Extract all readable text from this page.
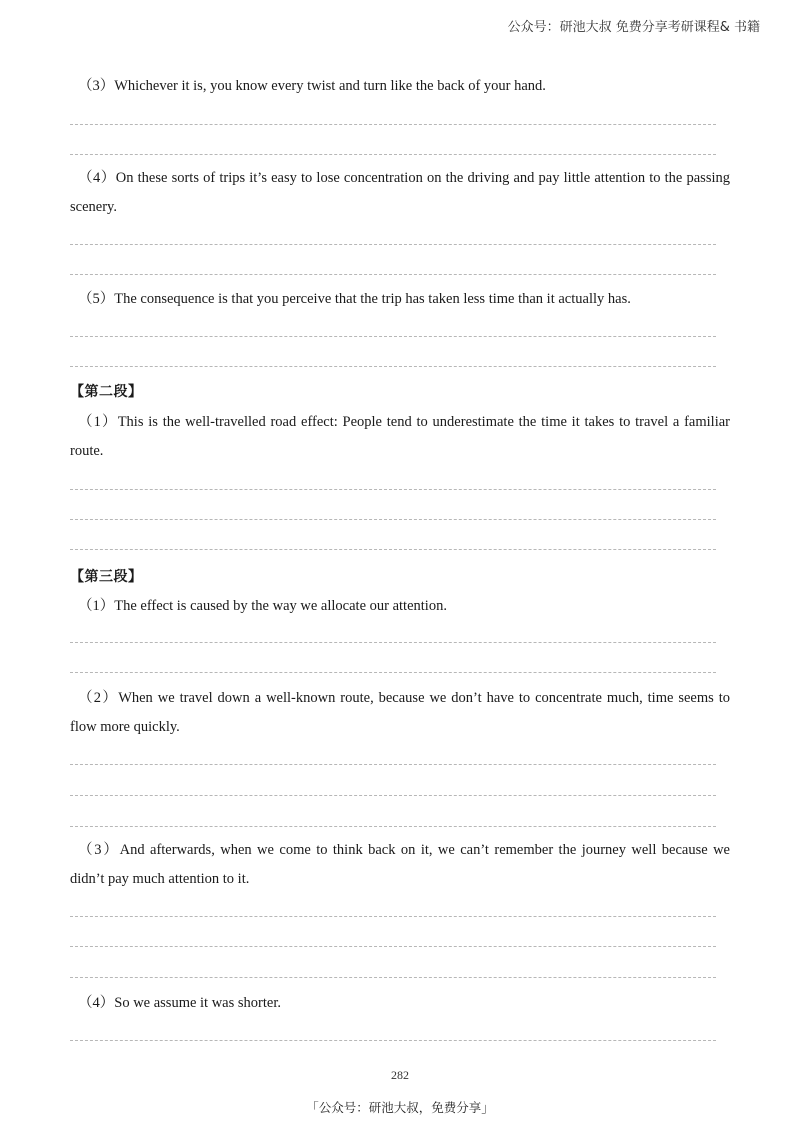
公众号：研池大叔 免费分享考研课程& 书籍

（3）Whichever it is, you know every twist and turn like the back of your hand.

（4）On these sorts of trips it’s easy to lose concentration on the driving and pay little attention to the passing scenery.

（5）The consequence is that you perceive that the trip has taken less time than it actually has.

【第二段】

（1）This is the well-travelled road effect: People tend to underestimate the time it takes to travel a familiar route.

【第三段】

（1）The effect is caused by the way we allocate our attention.

（2）When we travel down a well-known route, because we don’t have to concentrate much, time seems to flow more quickly.

（3）And afterwards, when we come to think back on it, we can’t remember the journey well because we didn’t pay much attention to it.

（4）So we assume it was shorter.

282
「公众号：研池大叔，免费分享」
